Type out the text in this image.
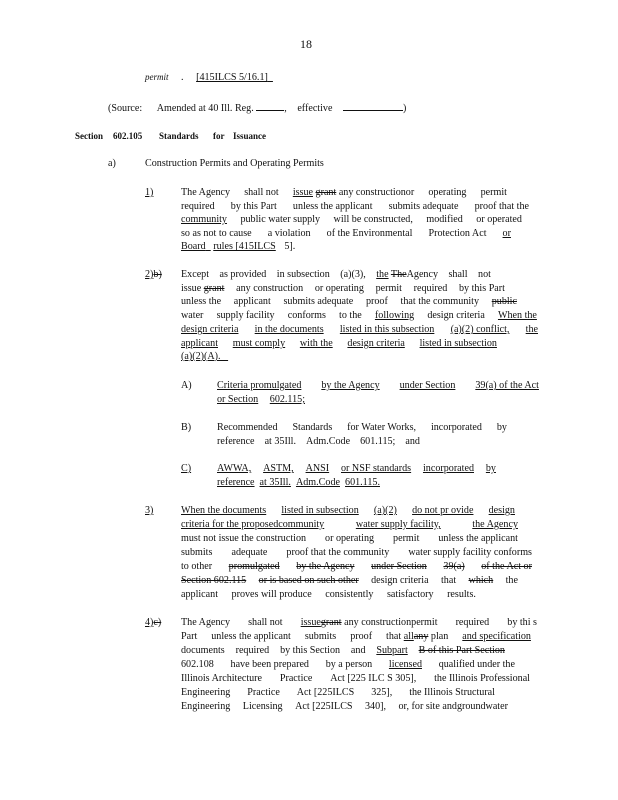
18
permit . [415ILCS 5/16.1]
(Source: Amended at 40 Ill. Reg.	, effective	)
Section 602.105 Standards for Issuance
a)	Construction Permits and Operating Permits
1)	The Agency shall not issue grant any constructionor operating permit
required by this Part unless the applicant submits adequate proof that the
community public water supply will be constructed, modified or operated
so as not to cause a violation of the Environmental Protection Act or
Board rules [415ILCS 5].
2)b) Except as provided in subsection (a)(3), the TheAgency shall not
issue grant any construction or operating permit required by this Part
unless the applicant submits adequate proof that the community public
water supply facility conforms to the following design criteria When the
design criteria in the documents listed in this subsection (a)(2) conflict, the
applicant must comply with the design criteria listed in subsection
(a)(2)(A).
A)	Criteria promulgated by the Agency under Section 39(a) of the Act
or Section 602.115;
B)	Recommended Standards for Water Works, incorporated by
reference at 35Ill. Adm.Code 601.115; and
C)	AWWA, ASTM, ANSI or NSF standards incorporated by
reference at 35Ill. Adm.Code 601.115.
3)	When the documents listed in subsection (a)(2) do not pr ovide design
criteria for the proposedcommunity	water supply facility,	the Agency
must not issue the construction or operating permit unless the applicant
submits adequate proof that the community water supply facility conforms
to other promulgated by the Agency under Section 39(a) of the Act or
Section 602.115 or is based on such other design criteria that which the
applicant proves will produce consistently satisfactory results.
4)c) The Agency shall not issuegrant any constructionpermit required by thi s
Part unless the applicant submits proof that allany plan and specification
documents required by this Section and Subpart B of this Part Section
602.108 have been prepared by a person licensed qualified under the
Illinois Architecture Practice Act [225 ILC S 305], the Illinois Professional
Engineering Practice Act [225ILCS 325], the Illinois Structural
Engineering Licensing Act [225ILCS 340], or, for site andgroundwater
